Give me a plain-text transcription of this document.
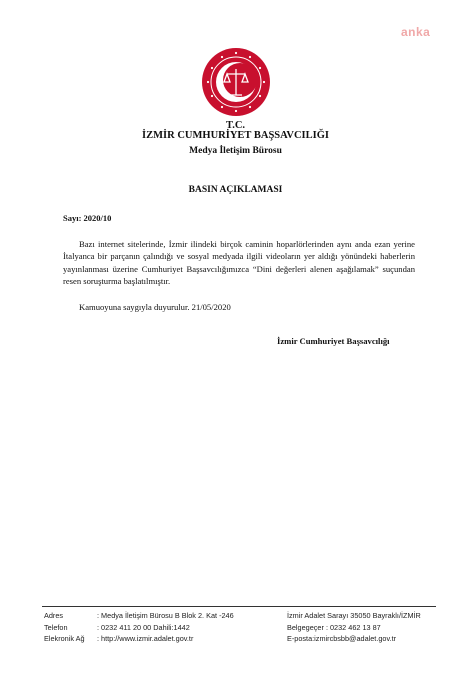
anka
T.C.
İZMİR CUMHURİYET BAŞSAVCILIĞI
Medya İletişim Bürosu
BASIN AÇIKLAMASI
Sayı: 2020/10

Bazı internet sitelerinde, İzmir ilindeki birçok caminin hoparlörlerinden aynı anda ezan yerine İtalyanca bir parçanın çalındığı ve sosyal medyada ilgili videoların yer aldığı yönündeki haberlerin yayınlanması üzerine Cumhuriyet Başsavcılığımızca “Dini değerleri alenen aşağılamak” suçundan resen soruşturma başlatılmıştır.

Kamuoyuna saygıyla duyurulur. 21/05/2020
İzmir Cumhuriyet Başsavcılığı
Adres	: Medya İletişim Bürosu B Blok 2. Kat -246	İzmir Adalet Sarayı 35050 Bayraklı/İZMİR
Telefon	: 0232 411 20 00 Dahili:1442	Belgegeçer : 0232 462 13 87
Elekronik Ağ : http://www.izmir.adalet.gov.tr	E-posta:izmircbsbb@adalet.gov.tr
